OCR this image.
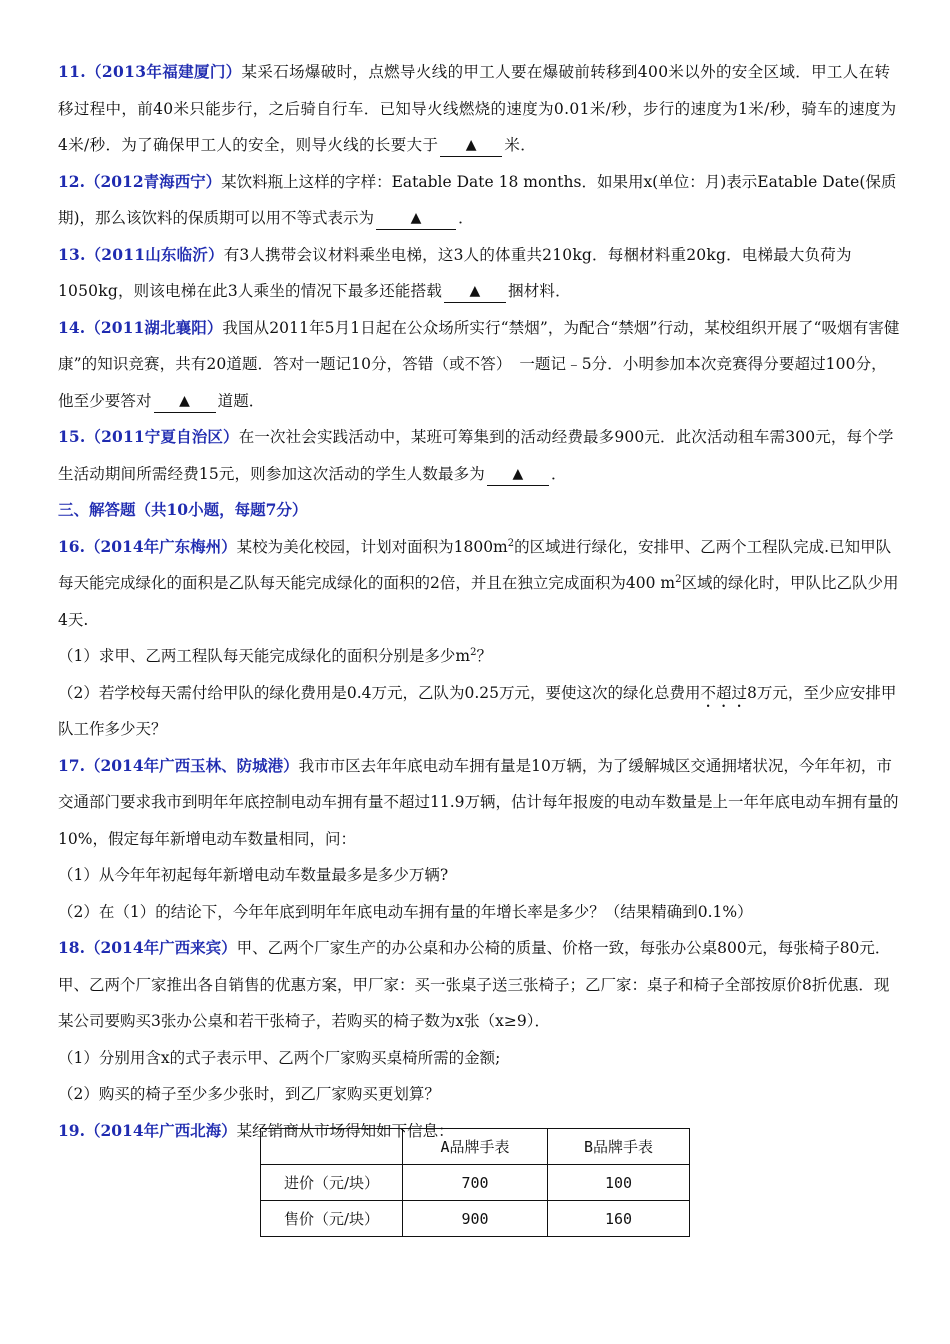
11.（2013年福建厦门）某采石场爆破时，点燃导火线的甲工人要在爆破前转移到400米以外的安全区域．甲工人在转移过程中，前40米只能步行，之后骑自行车．已知导火线燃烧的速度为0.01米/秒，步行的速度为1米/秒，骑车的速度为4米/秒．为了确保甲工人的安全，则导火线的长要大于 ▲ 米．

12.（2012青海西宁）某饮料瓶上这样的字样：Eatable Date 18 months．如果用x(单位：月)表示Eatable Date(保质期)，那么该饮料的保质期可以用不等式表示为	▲ ．

13.（2011山东临沂）有3人携带会议材料乘坐电梯，这3人的体重共210kg．每梱材料重20kg．电梯最大负荷为1050kg，则该电梯在此3人乘坐的情况下最多还能搭载 ▲ 捆材料．

14.（2011湖北襄阳）我国从2011年5月1日起在公众场所实行“禁烟”，为配合“禁烟”行动，某校组织开展了“吸烟有害健康”的知识竞赛，共有20道题．答对一题记10分，答错（或不答）　一题记﹣5分．小明参加本次竞赛得分要超过100分，他至少要答对 ▲ 道题．

15.（2011宁夏自治区）在一次社会实践活动中，某班可筹集到的活动经费最多900元．此次活动租车需300元，每个学生活动期间所需经费15元，则参加这次活动的学生人数最多为 ▲ ．

三、解答题（共10小题，每题7分）

16.（2014年广东梅州）某校为美化校园，计划对面积为$1800m^2$的区域进行绿化，安排甲、乙两个工程队完成.已知甲队每天能完成绿化的面积是乙队每天能完成绿化的面积的2倍，并且在独立完成面积为400 $m^2$区域的绿化时，甲队比乙队少用4天.

（1）求甲、乙两工程队每天能完成绿化的面积分别是多少$m^2$？

（2）若学校每天需付给甲队的绿化费用是0.4万元，乙队为0.25万元，要使这次的绿化总费用不超过8万元，至少应安排甲队工作多少天？

17.（2014年广西玉林、防城港）我市市区去年年底电动车拥有量是10万辆，为了缓解城区交通拥堵状况，今年年初，市交通部门要求我市到明年年底控制电动车拥有量不超过11.9万辆，估计每年报废的电动车数量是上一年年底电动车拥有量的10%，假定每年新增电动车数量相同，问：

（1）从今年年初起每年新增电动车数量最多是多少万辆?

（2）在（1）的结论下，今年年底到明年年底电动车拥有量的年增长率是多少？（结果精确到0.1%）

18.（2014年广西来宾）甲、乙两个厂家生产的办公桌和办公椅的质量、价格一致，每张办公桌800元，每张椅子80元．甲、乙两个厂家推出各自销售的优惠方案，甲厂家：买一张桌子送三张椅子；乙厂家：桌子和椅子全部按原价8折优惠．现某公司要购买3张办公桌和若干张椅子，若购买的椅子数为x张（x≥9）．

（1）分别用含x的式子表示甲、乙两个厂家购买桌椅所需的金额;

（2）购买的椅子至少多少张时，到乙厂家购买更划算？

19.（2014年广西北海）某经销商从市场得知如下信息：

	A品牌手表	B品牌手表
进价（元/块）	700	100
售价（元/块）	900	160
